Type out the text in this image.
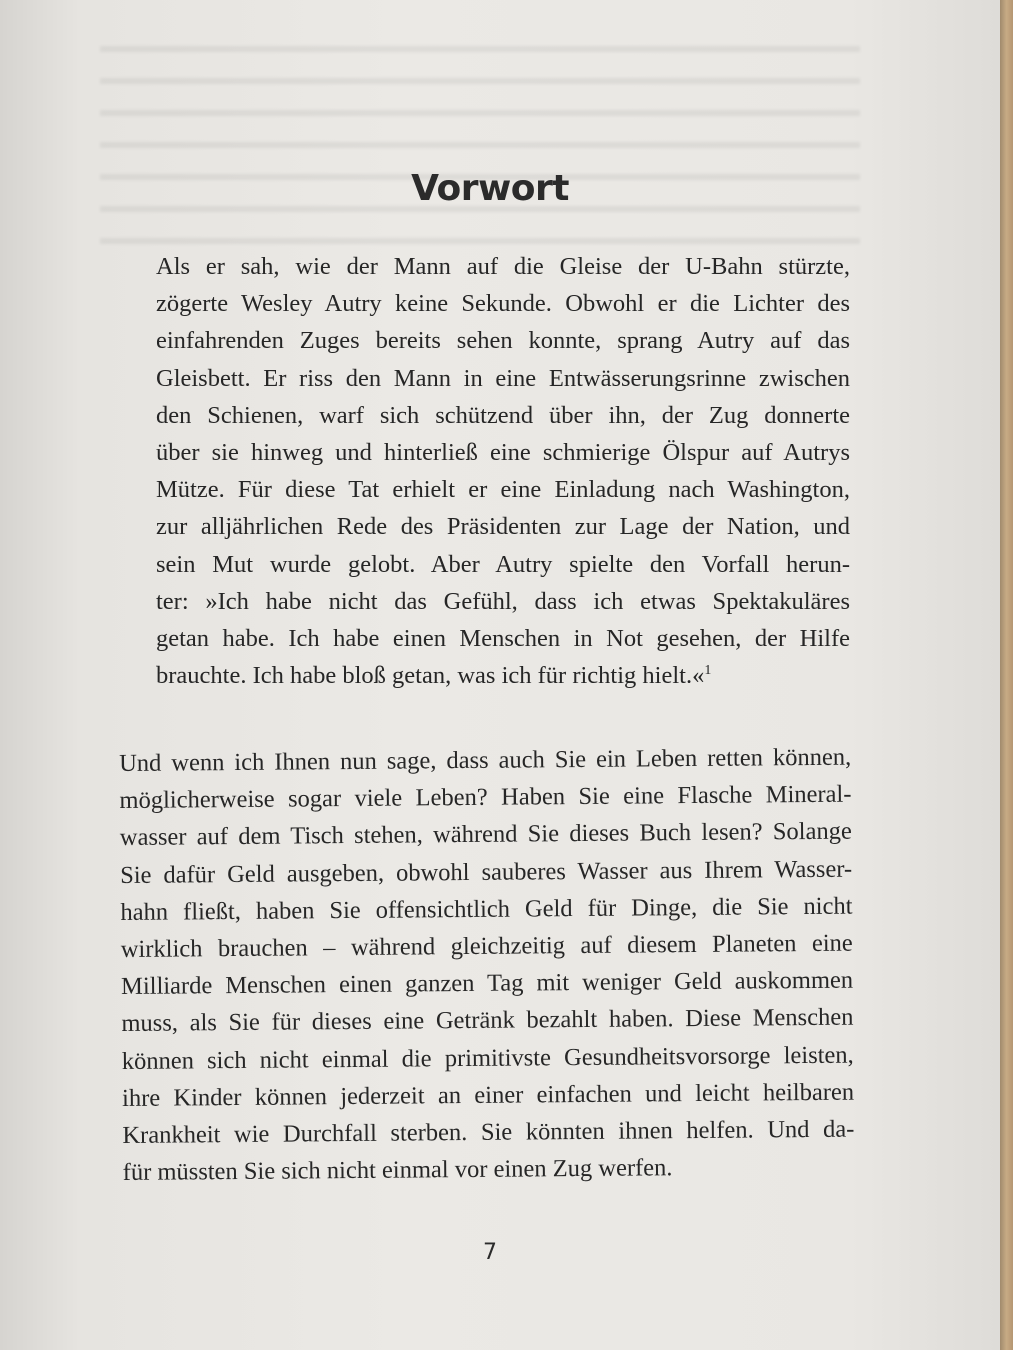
Vorwort
Als er sah, wie der Mann auf die Gleise der U-Bahn stürzte,
zögerte Wesley Autry keine Sekunde. Obwohl er die Lichter des
einfahrenden Zuges bereits sehen konnte, sprang Autry auf das
Gleisbett. Er riss den Mann in eine Entwässerungsrinne zwischen
den Schienen, warf sich schützend über ihn, der Zug donnerte
über sie hinweg und hinterließ eine schmierige Ölspur auf Autrys
Mütze. Für diese Tat erhielt er eine Einladung nach Washington,
zur alljährlichen Rede des Präsidenten zur Lage der Nation, und
sein Mut wurde gelobt. Aber Autry spielte den Vorfall herun-
ter: »Ich habe nicht das Gefühl, dass ich etwas Spektakuläres
getan habe. Ich habe einen Menschen in Not gesehen, der Hilfe
brauchte. Ich habe bloß getan, was ich für richtig hielt.«$^1$
Und wenn ich Ihnen nun sage, dass auch Sie ein Leben retten können,
möglicherweise sogar viele Leben? Haben Sie eine Flasche Mineral-
wasser auf dem Tisch stehen, während Sie dieses Buch lesen? Solange
Sie dafür Geld ausgeben, obwohl sauberes Wasser aus Ihrem Wasser-
hahn fließt, haben Sie offensichtlich Geld für Dinge, die Sie nicht
wirklich brauchen – während gleichzeitig auf diesem Planeten eine
Milliarde Menschen einen ganzen Tag mit weniger Geld auskommen
muss, als Sie für dieses eine Getränk bezahlt haben. Diese Menschen
können sich nicht einmal die primitivste Gesundheitsvorsorge leisten,
ihre Kinder können jederzeit an einer einfachen und leicht heilbaren
Krankheit wie Durchfall sterben. Sie könnten ihnen helfen. Und da-
für müssten Sie sich nicht einmal vor einen Zug werfen.
7
